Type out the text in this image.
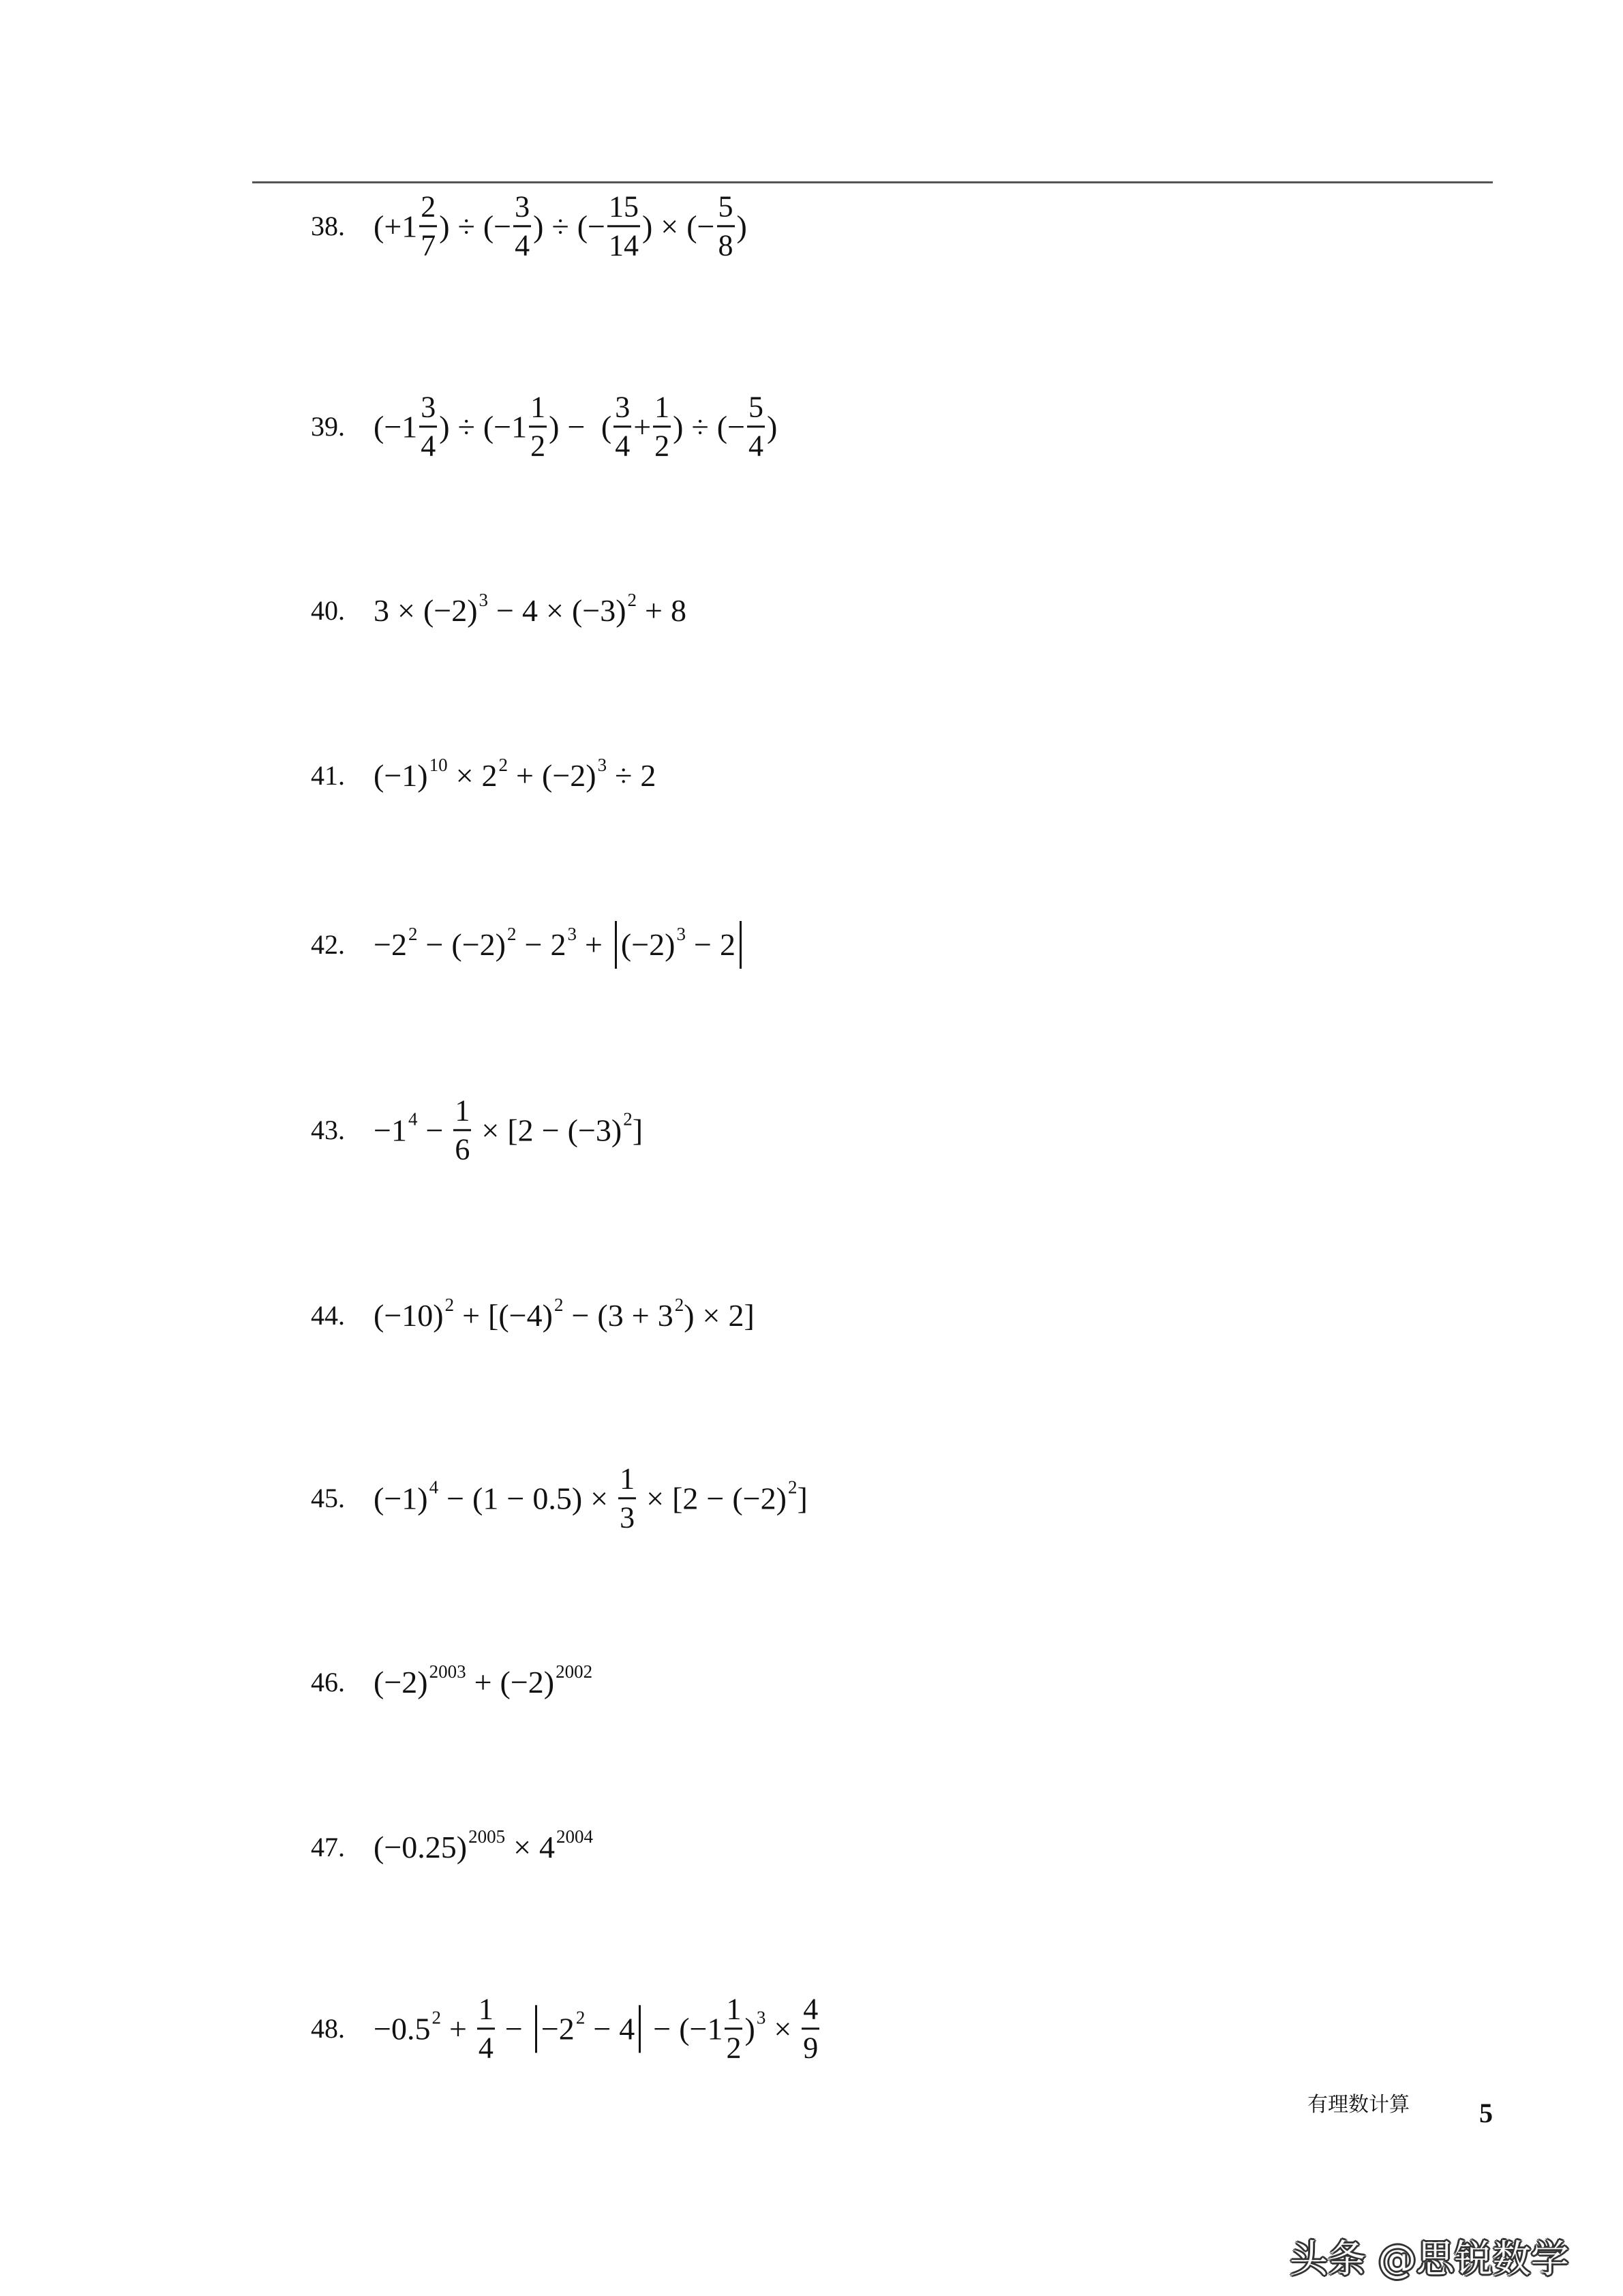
38. ($+1 \frac{2}{7}$ ) ÷ (− $\frac{3}{4}$ ) ÷ (− $\frac{15}{14}$ ) × (− $\frac{5}{8}$ )
39. ($-1 \frac{3}{4}$ ) ÷ ($-1 \frac{1}{2}$ ) − ( $\frac{3}{4} + \frac{1}{2}$ ) ÷ (− $\frac{5}{4}$ )
40. $3 \times (-2)^3 - 4 \times (-3)^2 + 8$
41. $(-1)^{10} \times 2^2 + (-2)^3 \div 2$
42. $-2^2 - (-2)^2 - 2^3 + (-2)^3 - 2$
43. $-1^4 - \frac{1}{6} \times [2 - (-3)^2$ ]
44. $(-10)^2 + [(-4)^2 - (3 + 3^2$ ) × 2]
45. $(-1)^4 - (1 - 0.5) \times \frac{1}{3} \times [2 - (-2)^2$ ]
46. $(-2)^{2003} + (-2)^{2002}$
47. $(-0.25)^{2005} \times 4^{2004}$
48. $-0.5^2 + \frac{1}{4} - -2^2 - 4 - (-1 \frac{1}{2} )^3 \times \frac{4}{9}$
有理数计算	5
头条 @思锐数学
